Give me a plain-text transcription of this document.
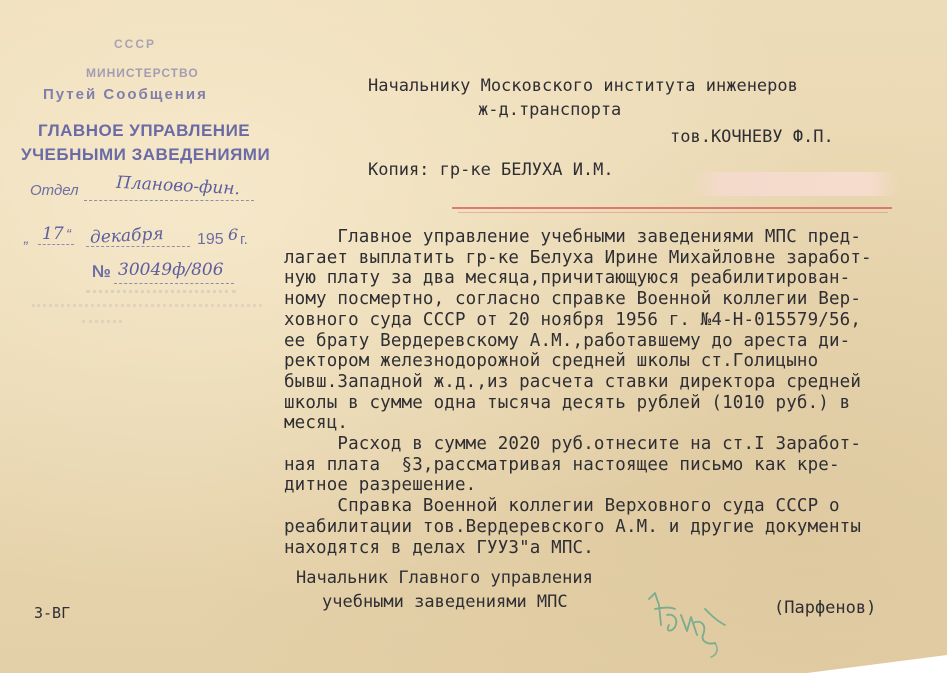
СССР
МИНИСТЕРСТВО
Путей Сообщения
ГЛАВНОЕ УПРАВЛЕНИЕ
УЧЕБНЫМИ ЗАВЕДЕНИЯМИ
Отдел Планово-фин.
„ 17 “ декабря 195 6 г.
№ 30049ф/806
Начальнику Московского института инженеров
ж-д.транспорта
тов.КОЧНЕВУ Ф.П.
Копия: гр-ке БЕЛУХА И.М.
Главное управление учебными заведениями МПС пред-
лагает выплатить гр-ке Белуха Ирине Михайловне заработ-
ную плату за два месяца,причитающуюся реабилитирован-
ному посмертно, согласно справке Военной коллегии Вер-
ховного суда СССР от 20 ноября 1956 г. №4-Н-015579/56,
ее брату Вердеревскому А.М.,работавшему до ареста ди-
ректором железнодорожной средней школы ст.Голицыно
бывш.Западной ж.д.,из расчета ставки директора средней
школы в сумме одна тысяча десять рублей (1010 руб.) в
месяц.
Расход в сумме 2020 руб.отнесите на ст.I Заработ-
ная плата  §3,рассматривая настоящее письмо как кре-
дитное разрешение.
Справка Военной коллегии Верховного суда СССР о
реабилитации тов.Вердеревского А.М. и другие документы
находятся в делах ГУУЗ"а МПС.
Начальник Главного управления
учебными заведениями МПС	(Парфенов)
3-ВГ
